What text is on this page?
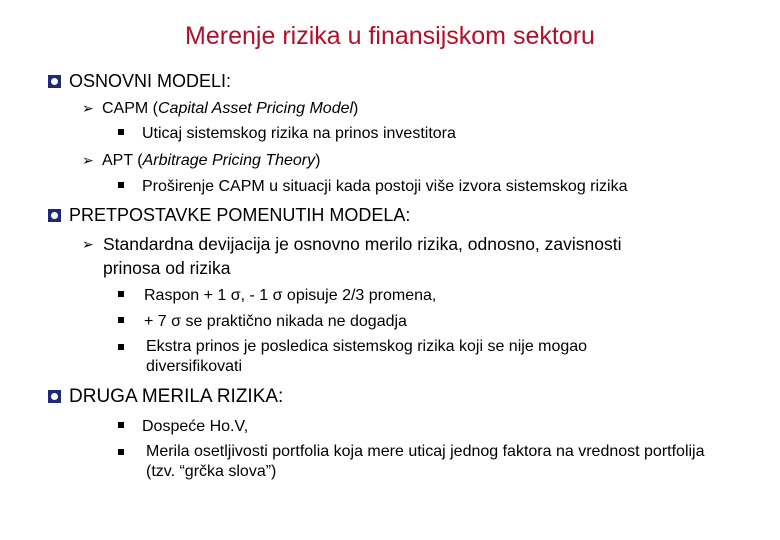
Merenje rizika u finansijskom sektoru
OSNOVNI MODELI:
➢ CAPM (Capital Asset Pricing Model)
Uticaj sistemskog rizika na prinos investitora
➢ APT (Arbitrage Pricing Theory)
Proširenje CAPM u situacji kada postoji više izvora sistemskog rizika
PRETPOSTAVKE POMENUTIH MODELA:
➢ Standardna devijacija je osnovno merilo rizika, odnosno, zavisnosti
prinosa od rizika
Raspon + 1 σ, - 1 σ opisuje 2/3 promena,
+ 7 σ se praktično nikada ne dogadja
Ekstra prinos je posledica sistemskog rizika koji se nije mogao diversifikovati
DRUGA MERILA RIZIKA:
Dospeće Ho.V,
Merila osetljivosti portfolia koja mere uticaj jednog faktora na vrednost portfolija (tzv. “grčka slova”)
